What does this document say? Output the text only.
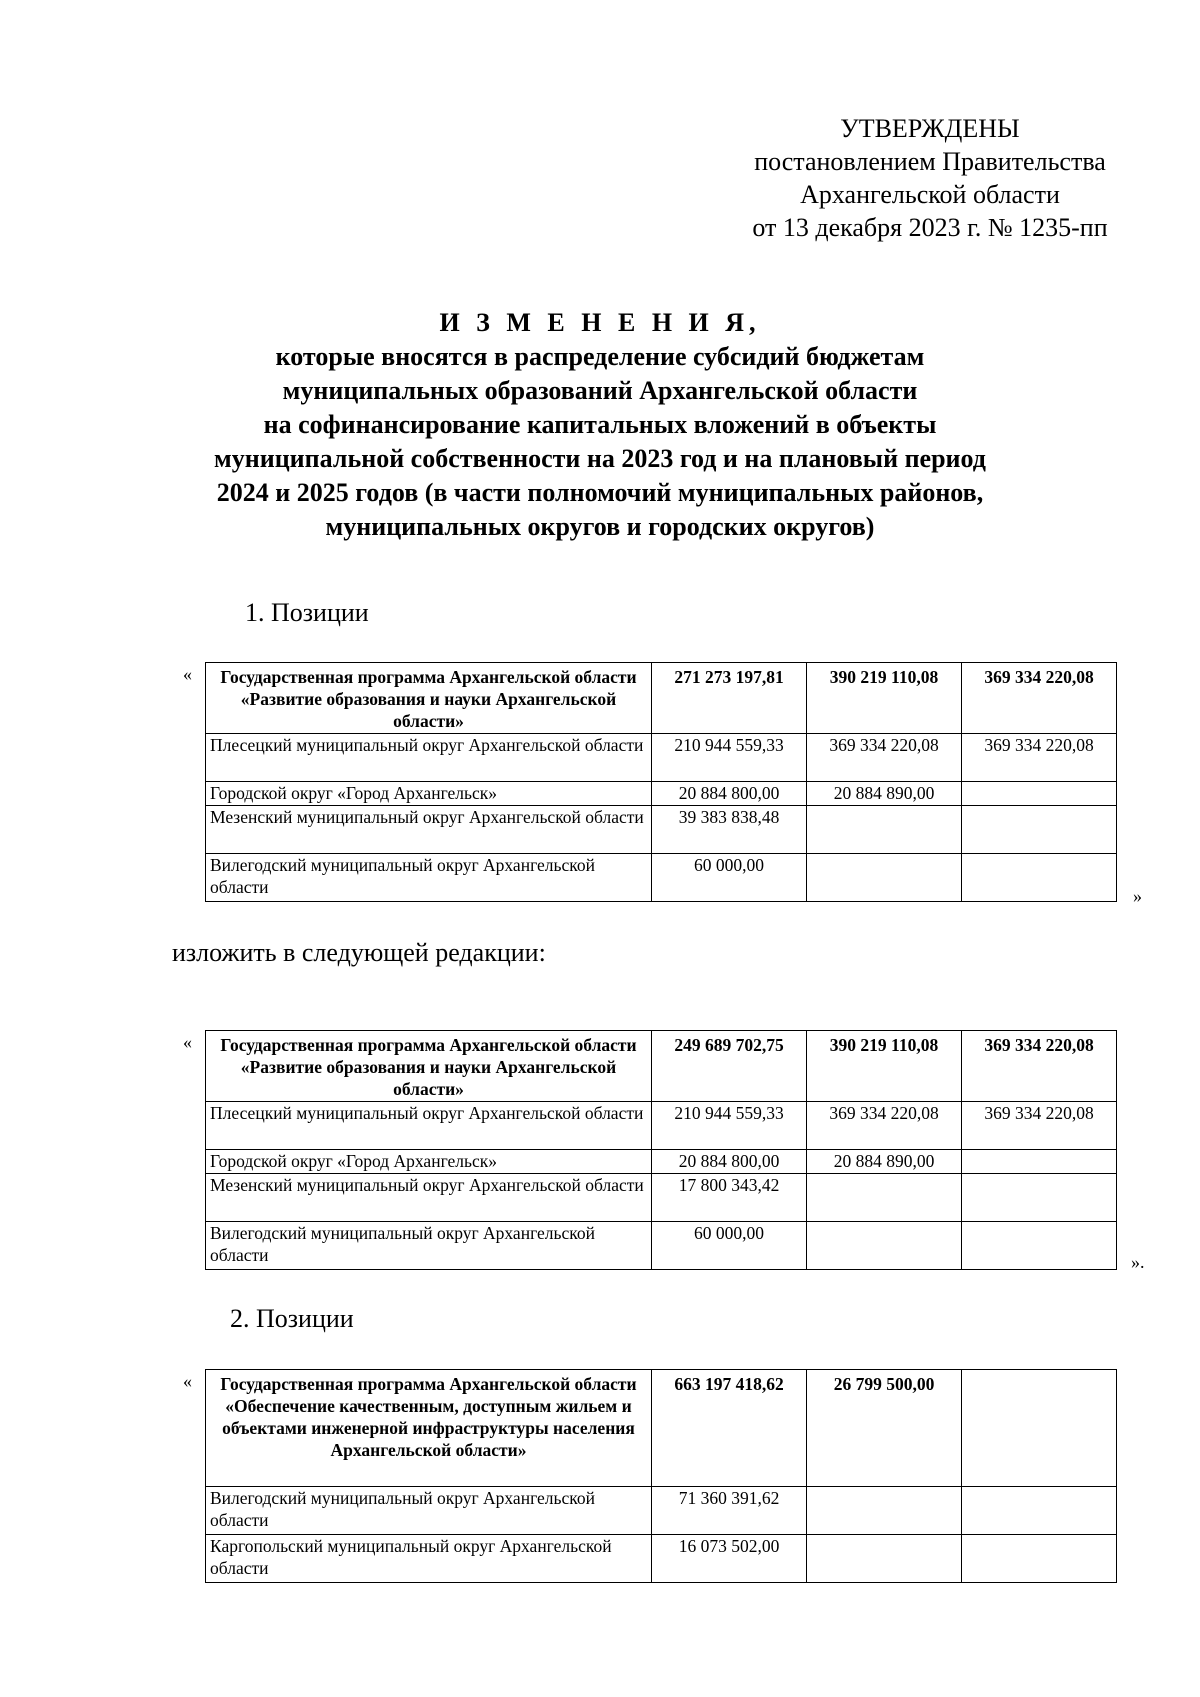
УТВЕРЖДЕНЫ
постановлением Правительства
Архангельской области
от 13 декабря 2023 г. № 1235-пп
И З М Е Н Е Н И Я,
которые вносятся в распределение субсидий бюджетам
муниципальных образований Архангельской области
на софинансирование капитальных вложений в объекты
муниципальной собственности на 2023 год и на плановый период
2024 и 2025 годов (в части полномочий муниципальных районов,
муниципальных округов и городских округов)
1. Позиции
« Государственная программа Архангельской области «Развитие образования и науки Архангельской области»	271 273 197,81	390 219 110,08	369 334 220,08
Плесецкий муниципальный округ Архангельской области	210 944 559,33	369 334 220,08	369 334 220,08
Городской округ «Город Архангельск»	20 884 800,00	20 884 890,00	
Мезенский муниципальный округ Архангельской области	39 383 838,48		
Вилегодский муниципальный округ Архангельской области	60 000,00		
»
изложить в следующей редакции:
« Государственная программа Архангельской области «Развитие образования и науки Архангельской области»	249 689 702,75	390 219 110,08	369 334 220,08
Плесецкий муниципальный округ Архангельской области	210 944 559,33	369 334 220,08	369 334 220,08
Городской округ «Город Архангельск»	20 884 800,00	20 884 890,00	
Мезенский муниципальный округ Архангельской области	17 800 343,42		
Вилегодский муниципальный округ Архангельской области	60 000,00		
».
2. Позиции
« Государственная программа Архангельской области «Обеспечение качественным, доступным жильем и объектами инженерной инфраструктуры населения Архангельской области»	663 197 418,62	26 799 500,00	
Вилегодский муниципальный округ Архангельской области	71 360 391,62		
Каргопольский муниципальный округ Архангельской области	16 073 502,00		
